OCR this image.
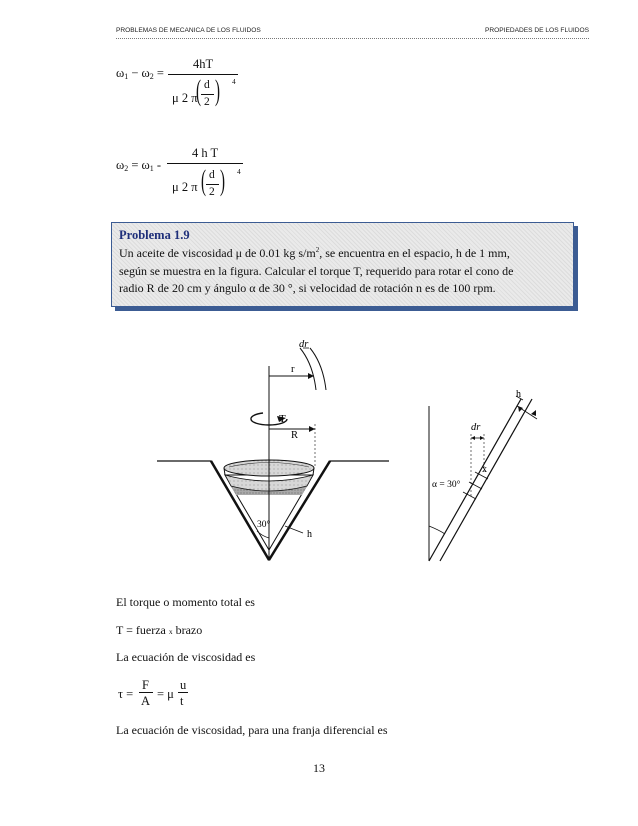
PROBLEMAS DE MECANICA DE LOS FLUIDOS	PROPIEDADES DE LOS FLUIDOS
$\omega_1 - \omega_2$ =
4hT
μ 2 π
( d
2 ) 4
$\omega_2 = \omega_1$ -
4 h T
μ 2 π ( d
2 ) 4
Problema 1.9
Un aceite de viscosidad μ de 0.01 kg $s/m^2$, se encuentra en el espacio, h de 1 mm,
según se muestra en la figura. Calcular el torque T, requerido para rotar el cono de
radio R de 20 cm y ángulo α de 30 °, si velocidad de rotación n es de 100 rpm.
T
R
r
dr
30°
h
h
dr
x
α = 30°
El torque o momento total es
T = fuerza x brazo
La ecuación de viscosidad es
τ =
F
A = μ
u
t
La ecuación de viscosidad, para una franja diferencial es
13
